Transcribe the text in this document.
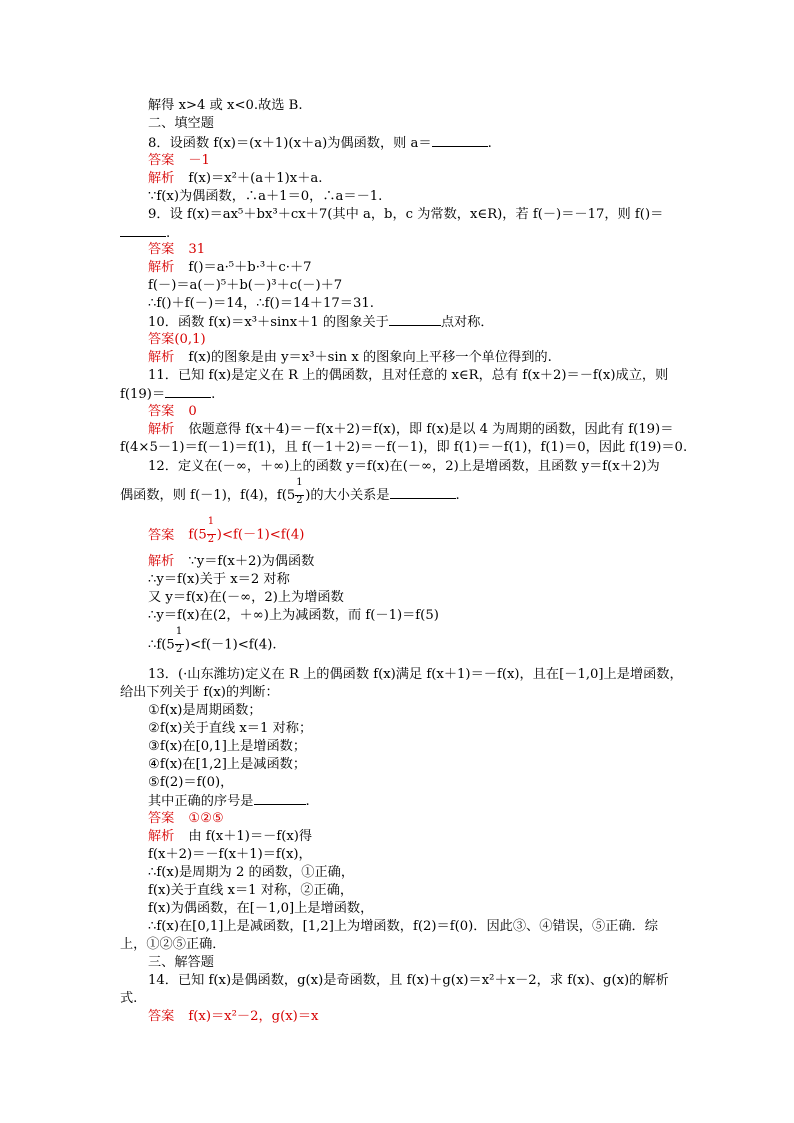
解得 x>4 或 x<0.故选 B.
二、填空题
8．设函数 f(x)＝(x＋1)(x＋a)为偶函数，则 a＝	.
答案 －1
解析 f(x)＝x²＋(a＋1)x＋a.
∵f(x)为偶函数，∴a＋1＝0，∴a＝－1.
9．设 f(x)＝ax⁵＋bx³＋cx＋7(其中 a，b，c 为常数，x∈R)，若 f(－)＝－17，则 f()＝
.
答案 31
解析 f()＝a·⁵＋b·³＋c·＋7
f(－)＝a(－)⁵＋b(－)³＋c(－)＋7
∴f()＋f(－)＝14，∴f()＝14＋17＝31.
10．函数 f(x)＝x³＋sinx＋1 的图象关于	点对称．
答案(0,1)
解析 f(x)的图象是由 y＝x³＋sin x 的图象向上平移一个单位得到的.
11．已知 f(x)是定义在 R 上的偶函数，且对任意的 x∈R，总有 f(x＋2)＝－f(x)成立，则
f(19)＝	.
答案 0
解析 依题意得 f(x＋4)＝－f(x＋2)＝f(x)，即 f(x)是以 4 为周期的函数，因此有 f(19)＝
f(4×5－1)＝f(－1)＝f(1)，且 f(－1＋2)＝－f(－1)，即 f(1)＝－f(1)，f(1)＝0，因此 f(19)＝0.
12．定义在(－∞，＋∞)上的函数 y＝f(x)在(－∞，2)上是增函数，且函数 y＝f(x＋2)为
偶函数，则 f(－1)，f(4)，$f(5 \frac{1}{2}$ )的大小关系是	.
答案 $f(5 \frac{1}{2} )<f(-1)<f(4)$
解析 ∵y＝f(x＋2)为偶函数
∴y＝f(x)关于 x＝2 对称
又 y＝f(x)在(－∞，2)上为增函数
∴y＝f(x)在(2，＋∞)上为减函数，而 f(－1)＝f(5)
∴f(5 $\frac{1}{2} )<f(-1)<f(4)$.
13．(·山东潍坊)定义在 R 上的偶函数 f(x)满足 f(x＋1)＝－f(x)，且在[－1,0]上是增函数，
给出下列关于 f(x)的判断：
①f(x)是周期函数；
②f(x)关于直线 x＝1 对称；
③f(x)在[0,1]上是增函数；
④f(x)在[1,2]上是减函数；
⑤f(2)＝f(0)，
其中正确的序号是	.
答案 ①②⑤
解析 由 f(x＋1)＝－f(x)得
f(x＋2)＝－f(x＋1)＝f(x)，
∴f(x)是周期为 2 的函数，①正确，
f(x)关于直线 x＝1 对称，②正确，
f(x)为偶函数，在[－1,0]上是增函数，
∴f(x)在[0,1]上是减函数，[1,2]上为增函数，f(2)＝f(0)．因此③、④错误，⑤正确．综
上，①②⑤正确．
三、解答题
14．已知 f(x)是偶函数，g(x)是奇函数，且 f(x)＋g(x)＝x²＋x－2，求 f(x)、g(x)的解析
式.
答案 f(x)＝x²－2，g(x)＝x
